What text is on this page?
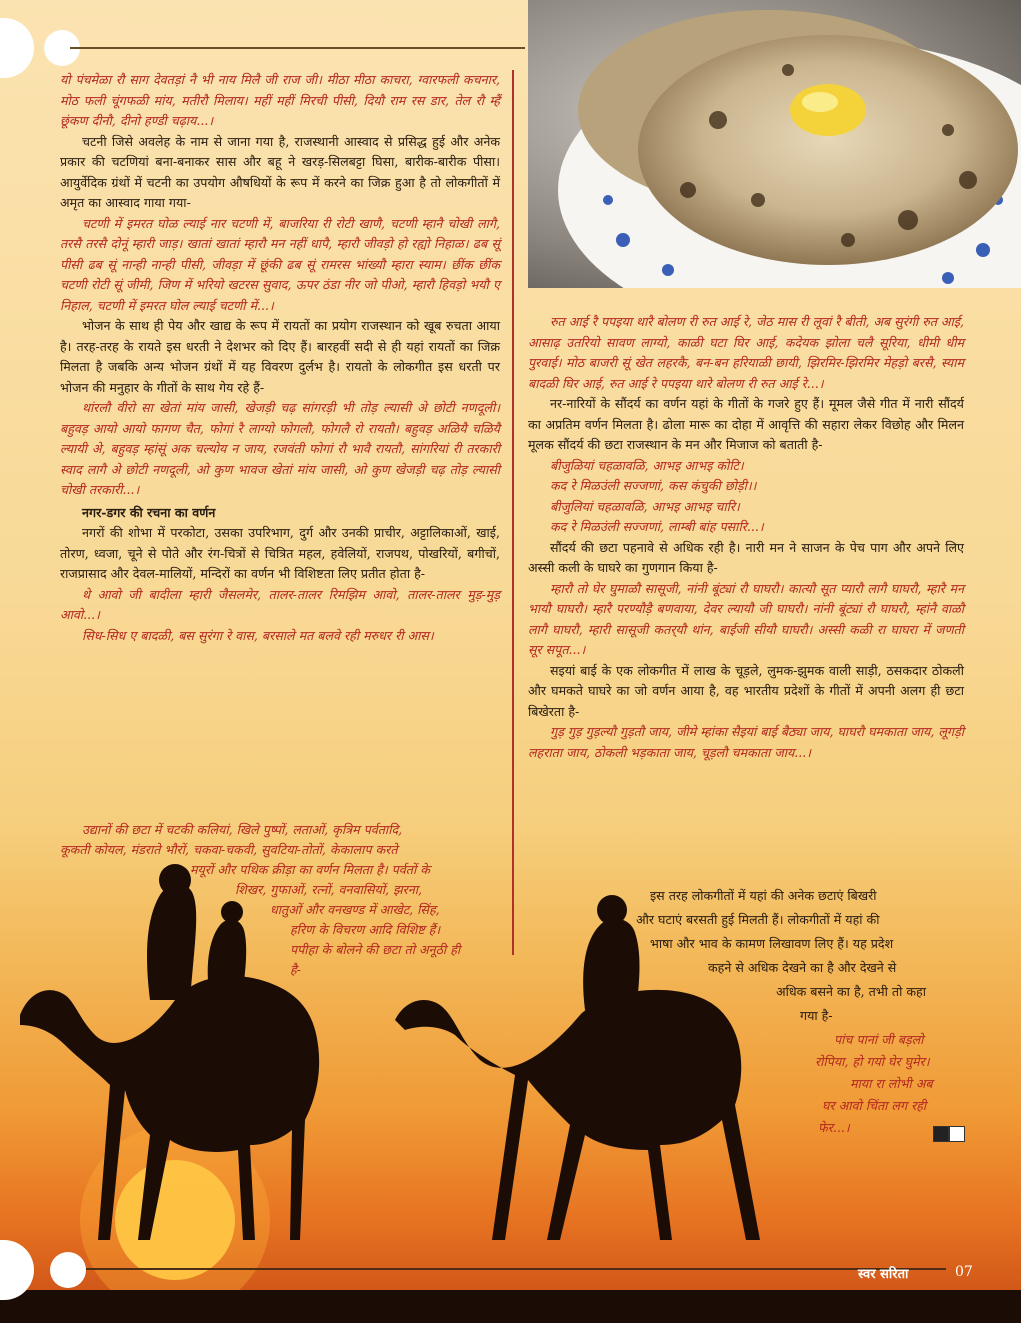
यो पंचमेळा रौ साग देवतड़ां नै भी नाय मिलै जी राज जी। मीठा मीठा काचरा, ग्वारफली कचनार, मोठ फली चूंगफळी मांय, मतीरौ मिलाय। महीं महीं मिरची पीसी, दियौ राम रस डार, तेल रौ म्हैं छूंकण दीनौ, दीनो हण्डी चढ़ाय...।

चटनी जिसे अवलेह के नाम से जाना गया है, राजस्थानी आस्वाद से प्रसिद्ध हुई और अनेक प्रकार की चटणियां बना-बनाकर सास और बहू ने खरड़-सिलबट्टा घिसा, बारीक-बारीक पीसा। आयुर्वेदिक ग्रंथों में चटनी का उपयोग औषधियों के रूप में करने का जिक्र हुआ है तो लोकगीतों में अमृत का आस्वाद गाया गया-

चटणी में इमरत घोळ ल्याई नार चटणी में, बाजरिया री रोटी खाणै, चटणी म्हानै चोखी लागै, तरसै तरसै दोनूं म्हारी जाड़। खातां खातां म्हारौ मन नहीं धापै, म्हारौ जीवड़ो हो रह्यो निहाळ। ढब सूं पीसी ढब सूं नान्ही नान्ही पीसी, जीवड़ा में छूंकी ढब सूं रामरस भांख्यौ म्हारा स्याम। छींक छींक चटणी रोटी सूं जीमी, जिण में भरियो खटरस सुवाद, ऊपर ठंडा नीर जो पीओ, म्हारौ हिवड़ो भयौ ए निहाल, चटणी में इमरत घोल ल्याई चटणी में...।

भोजन के साथ ही पेय और खाद्य के रूप में रायतों का प्रयोग राजस्थान को खूब रुचता आया है। तरह-तरह के रायते इस धरती ने देशभर को दिए हैं। बारहवीं सदी से ही यहां रायतों का जिक्र मिलता है जबकि अन्य भोजन ग्रंथों में यह विवरण दुर्लभ है। रायतो के लोकगीत इस धरती पर भोजन की मनुहार के गीतों के साथ गेय रहे हैं-

थांरलौ वीरो सा खेतां मांय जासी, खेजड़ी चढ़ सांगरड़ी भी तोड़ ल्यासी अे छोटी नणदूली। बहुवड़ आयो आयो फागण चैत, फोगां रै लाग्यो फोगलौ, फोगलै रो रायतौ। बहुवड़ अळियै चळियै ल्यायी अे, बहुवड़ म्हांसूं अक चल्योय न जाय, रजवंती फोगां रौ भावै रायतौ, सांगरियां री तरकारी स्वाद लागै अे छोटी नणदूली, ओ कुण भावज खेतां मांय जासी, ओ कुण खेजड़ी चढ़ तोड़ ल्यासी चोखी तरकारी...।

नगर-डगर की रचना का वर्णन

नगरों की शोभा में परकोटा, उसका उपरिभाग, दुर्ग और उनकी प्राचीर, अट्टालिकाओं, खाई, तोरण, ध्वजा, चूने से पोते और रंग-चित्रों से चित्रित महल, हवेलियों, राजपथ, पोखरियों, बगीचों, राजप्रासाद और देवल-मालियों, मन्दिरों का वर्णन भी विशिष्टता लिए प्रतीत होता है-

थे आवो जी बादीला म्हारी जैसलमेर, तालर-तालर रिमझिम आवो, तालर-तालर मुड़-मुड़ आवो...।

सिध-सिध ए बादळी, बस सुरंगा रे वास, बरसाले मत बलवे रही मरुधर री आस।

उद्यानों की छटा में चटकी कलियां, खिले पुष्पों, लताओं, कृत्रिम पर्वतादि,
कूकती कोयल, मंडराते भौरों, चकवा-चकवी, सुवटिया-तोतों, केकालाप करते
मयूरों और पथिक क्रीड़ा का वर्णन मिलता है। पर्वतों के
शिखर, गुफाओं, रत्नों, वनवासियों, झरना,
धातुओं और वनखण्ड में आखेट, सिंह,
हरिण के विचरण आदि विशिष्ट हैं।
पपीहा के बोलने की छटा तो अनूठी ही
है-

रुत आई रै पपइया थारै बोलण री रुत आई रे, जेठ मास री लूवां रै बीती, अब सुरंगी रुत आई, आसाढ़ उतरियो सावण लाग्यो, काळी घटा घिर आई, कदेयक झोला चलै सूरिया, धीमी धीम पुरवाई। मोठ बाजरी सूं खेत लहरकै, बन-बन हरियाळी छायी, झिरमिर-झिरमिर मेहड़ो बरसै, स्याम बादळी घिर आई, रुत आई रे पपइया थारे बोलण री रुत आई रे...।

नर-नारियों के सौंदर्य का वर्णन यहां के गीतों के गजरे हुए हैं। मूमल जैसे गीत में नारी सौंदर्य का अप्रतिम वर्णन मिलता है। ढोला मारू का दोहा में आवृत्ति की सहारा लेकर विछोह और मिलन मूलक सौंदर्य की छटा राजस्थान के मन और मिजाज को बताती है-

बीजुळियां चहळावळि, आभइ आभइ कोटि।

कद रे मिळउंली सज्जणां, कस कंचुकी छोड़ी।।

बीजुलियां चहळावळि, आभइ आभइ चारि।

कद रे मिळउंली सज्जणां, लाम्बी बांह पसारि...।

सौंदर्य की छटा पहनावे से अधिक रही है। नारी मन ने साजन के पेच पाग और अपने लिए अस्सी कली के घाघरे का गुणगान किया है-

म्हारौ तो घेर घुमाळौ सासूजी, नांनी बूंट्यां रौ घाघरौ। कात्यौ सूत प्यारौ लागै घाघरौ, म्हारै मन भायौ घाघरौ। म्हारै परण्यौड़ै बणवाया, देवर ल्यायौ जी घाघरौ। नांनी बूंट्यां रौ घाघरौ, म्हांनै वाळौ लागै घाघरौ, म्हारी सासूजी कतर्‌यौ थांन, बाईजी सीयौ घाघरौ। अस्सी कळी रा घाघरा में जणती सूर सपूत...।

सइयां बाई के एक लोकगीत में लाख के चूड़ले, लुमक-झुमक वाली साड़ी, ठसकदार ठोकली और घमकते घाघरे का जो वर्णन आया है, वह भारतीय प्रदेशों के गीतों में अपनी अलग ही छटा बिखेरता है-

गुड़ गुड़ गुड़ल्यौ गुड़तौ जाय, जीमे म्हांका सैइयां बाई बैठ्या जाय, घाघरौ घमकाता जाय, लूगड़ी लहराता जाय, ठोकली भड़काता जाय, चूड़लौ चमकाता जाय...।

इस तरह लोकगीतों में यहां की अनेक छटाएं बिखरी
और घटाएं बरसती हुई मिलती हैं। लोकगीतों में यहां की
भाषा और भाव के कामण लिखावण लिए हैं। यह प्रदेश
कहने से अधिक देखने का है और देखने से
अधिक बसने का है, तभी तो कहा
गया है-
पांच पानां जी बड़लो
रोपिया, हो गयो घेर घुमेर।
माया रा लोभी अब
घर आवो चिंता लग रही
फेर...।
स्वर सरिता	07
